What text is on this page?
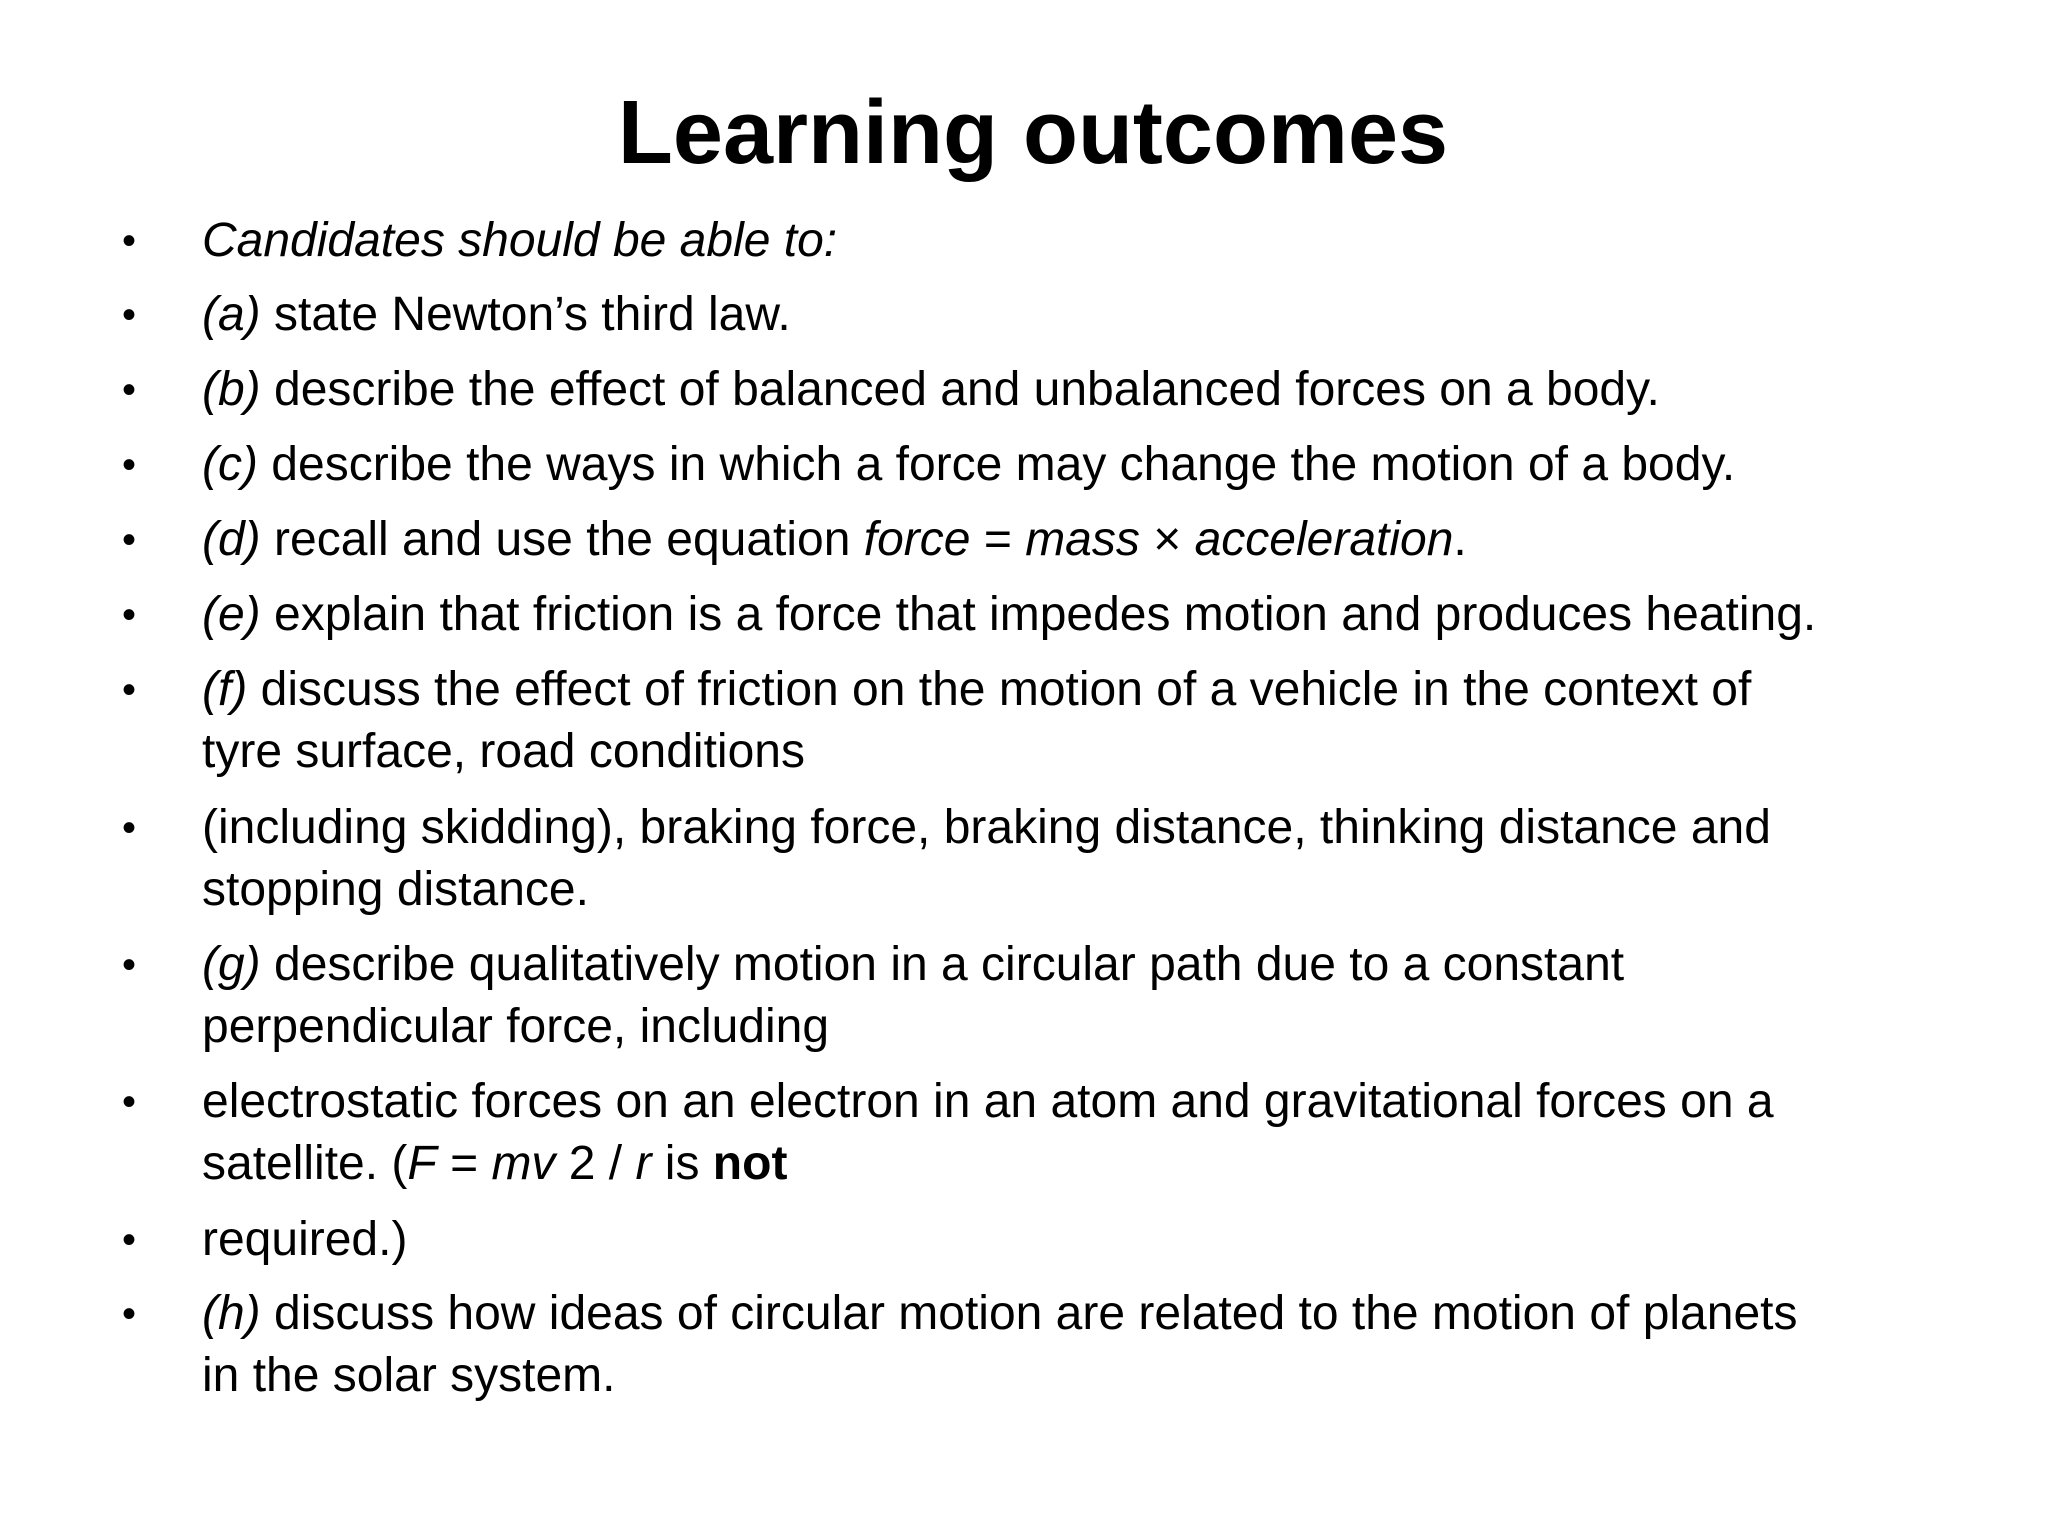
Learning outcomes
• Candidates should be able to:
• (a) state Newton’s third law.
• (b) describe the effect of balanced and unbalanced forces on a body.
• (c) describe the ways in which a force may change the motion of a body.
• (d) recall and use the equation force = mass × acceleration.
• (e) explain that friction is a force that impedes motion and produces heating.
• (f) discuss the effect of friction on the motion of a vehicle in the context of
tyre surface, road conditions
• (including skidding), braking force, braking distance, thinking distance and
stopping distance.
• (g) describe qualitatively motion in a circular path due to a constant
perpendicular force, including
• electrostatic forces on an electron in an atom and gravitational forces on a
satellite. (F = mv 2 / r is not
• required.)
• (h) discuss how ideas of circular motion are related to the motion of planets
in the solar system.
